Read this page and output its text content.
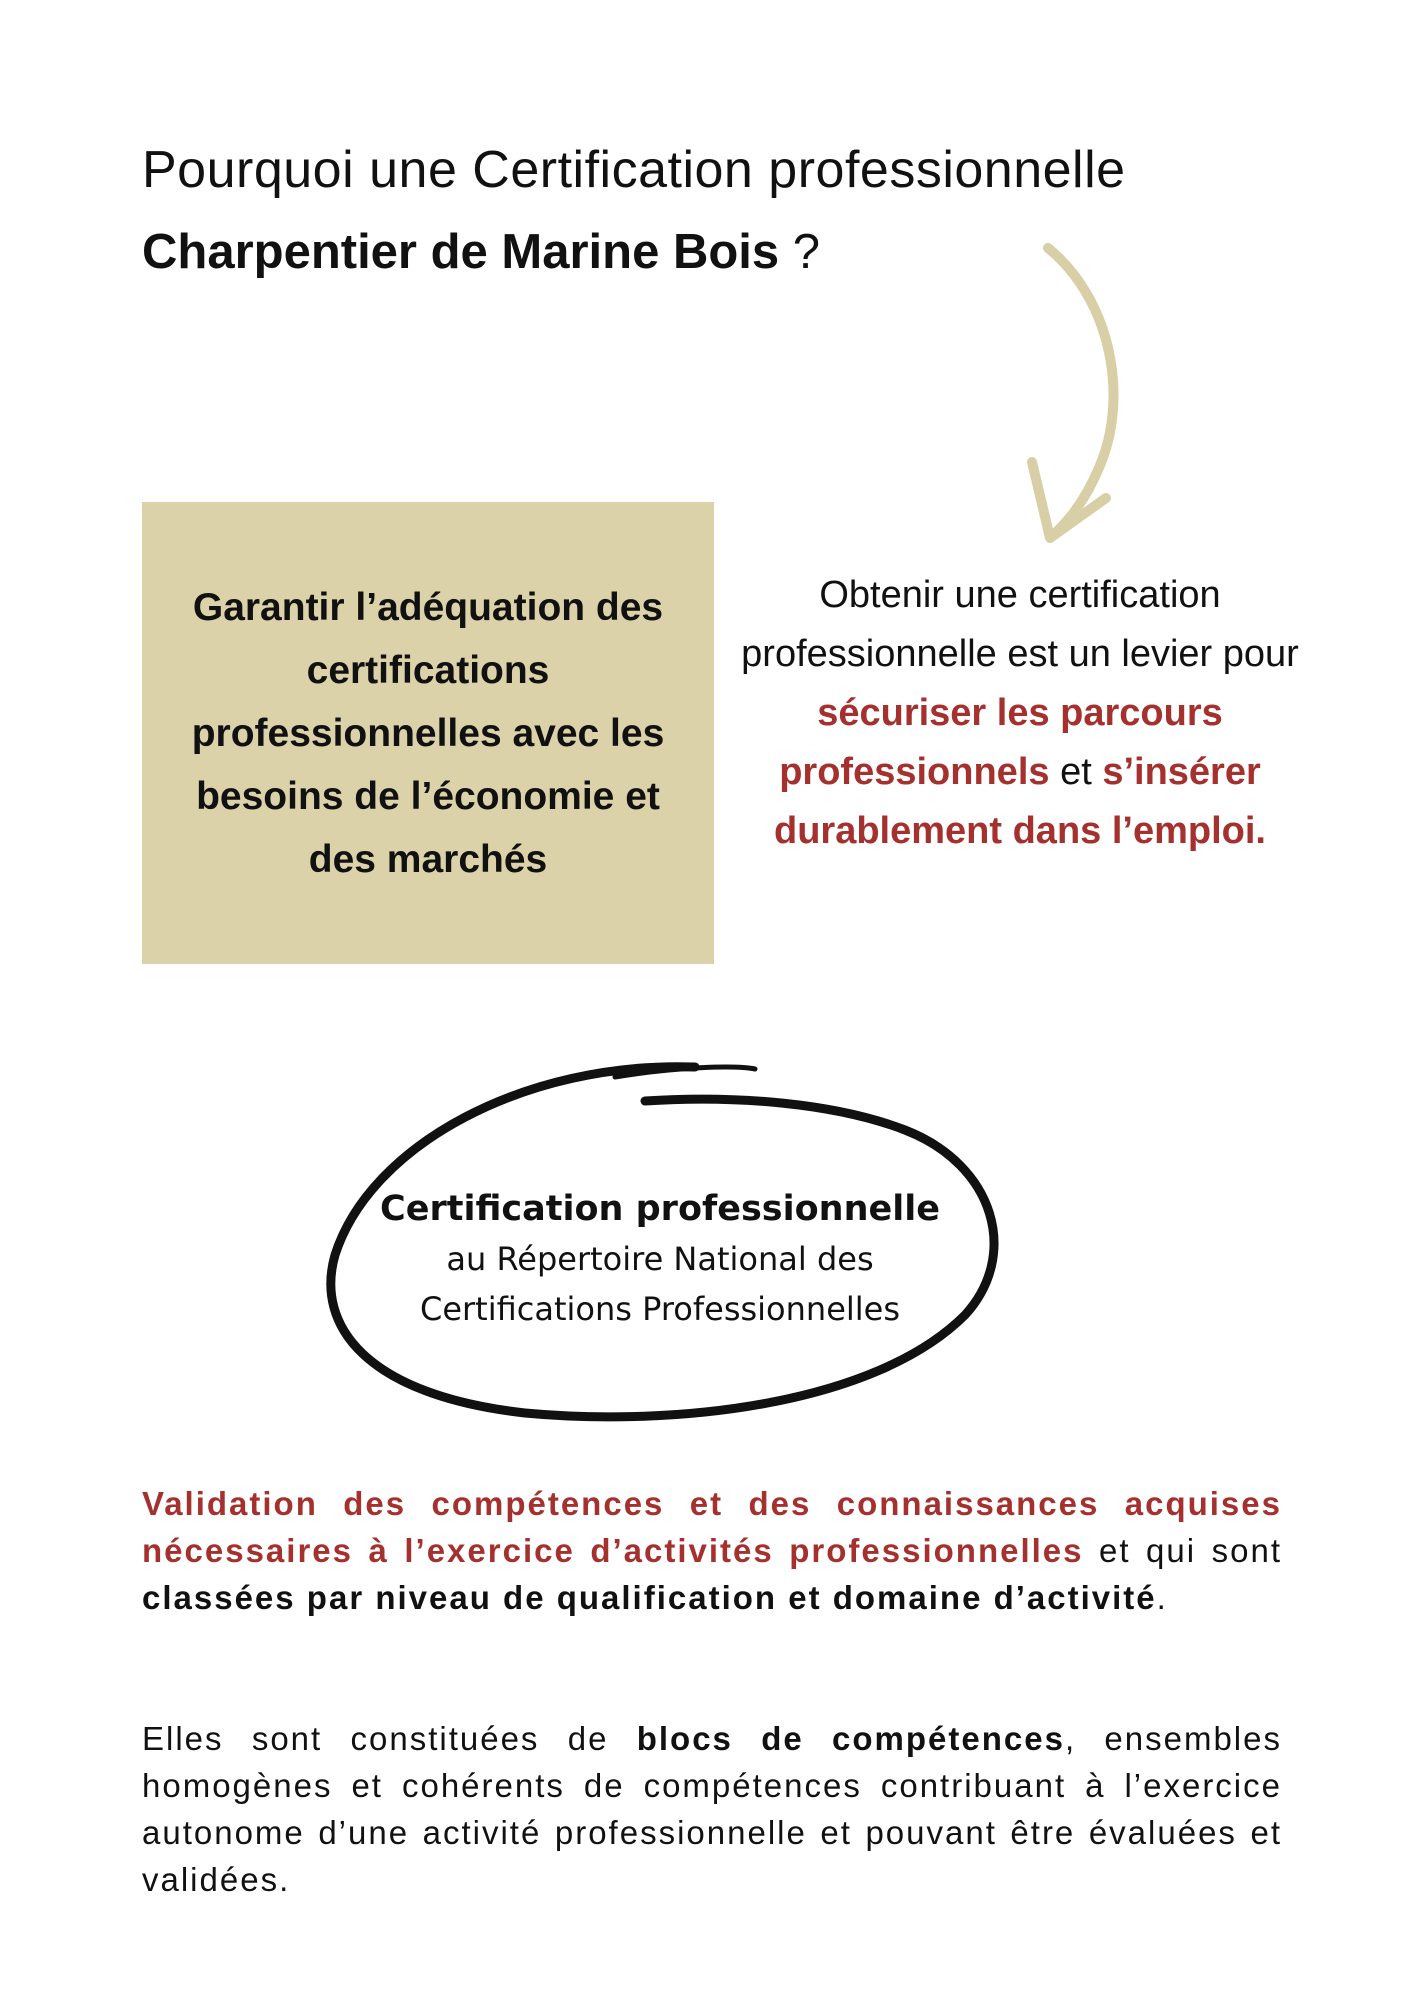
Pourquoi une Certification professionnelle
Charpentier de Marine Bois ?

Garantir l’adéquation des certifications professionnelles avec les besoins de l’économie et des marchés

Obtenir une certification professionnelle est un levier pour sécuriser les parcours professionnels et s’insérer durablement dans l’emploi.
Certification professionnelle
au Répertoire National des
Certifications Professionnelles
Validation des compétences et des connaissances acquises nécessaires à l’exercice d’activités professionnelles et qui sont classées par niveau de qualification et domaine d’activité.
Elles sont constituées de blocs de compétences, ensembles homogènes et cohérents de compétences contribuant à l’exercice autonome d’une activité professionnelle et pouvant être évaluées et validées.
